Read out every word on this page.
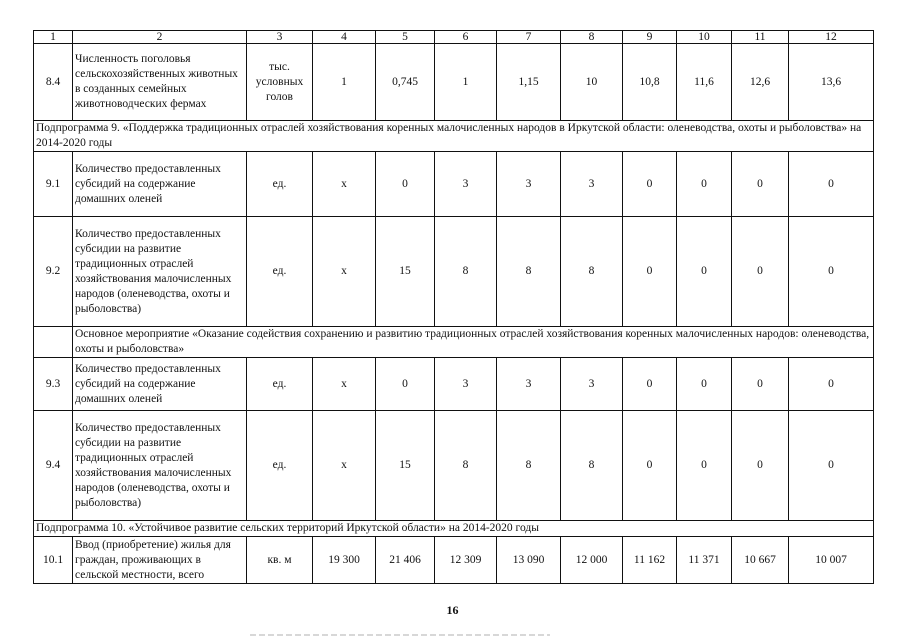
1	2	3	4	5	6	7	8	9	10	11	12
8.4	Численность поголовья сельскохозяйственных животных в созданных семейных животноводческих фермах	тыс. условных голов	1	0,745	1	1,15	10	10,8	11,6	12,6	13,6
Подпрограмма 9. «Поддержка традиционных отраслей хозяйствования коренных малочисленных народов в Иркутской области: оленеводства, охоты и рыболовства» на 2014-2020 годы											
9.1	Количество предоставленных субсидий на содержание домашних оленей	ед.	х	0	3	3	3	0	0	0	0
9.2	Количество предоставленных субсидии на развитие традиционных отраслей хозяйствования малочисленных народов (оленеводства, охоты и рыболовства)	ед.	х	15	8	8	8	0	0	0	0
	Основное мероприятие «Оказание содействия сохранению и развитию традиционных отраслей хозяйствования коренных малочисленных народов: оленеводства, охоты и рыболовства»										
9.3	Количество предоставленных субсидий на содержание домашних оленей	ед.	х	0	3	3	3	0	0	0	0
9.4	Количество предоставленных субсидии на развитие традиционных отраслей хозяйствования малочисленных народов (оленеводства, охоты и рыболовства)	ед.	х	15	8	8	8	0	0	0	0
Подпрограмма 10. «Устойчивое развитие сельских территорий Иркутской области» на 2014-2020 годы											
10.1	Ввод (приобретение) жилья для граждан, проживающих в сельской местности, всего	кв. м	19 300	21 406	12 309	13 090	12 000	11 162	11 371	10 667	10 007
16
